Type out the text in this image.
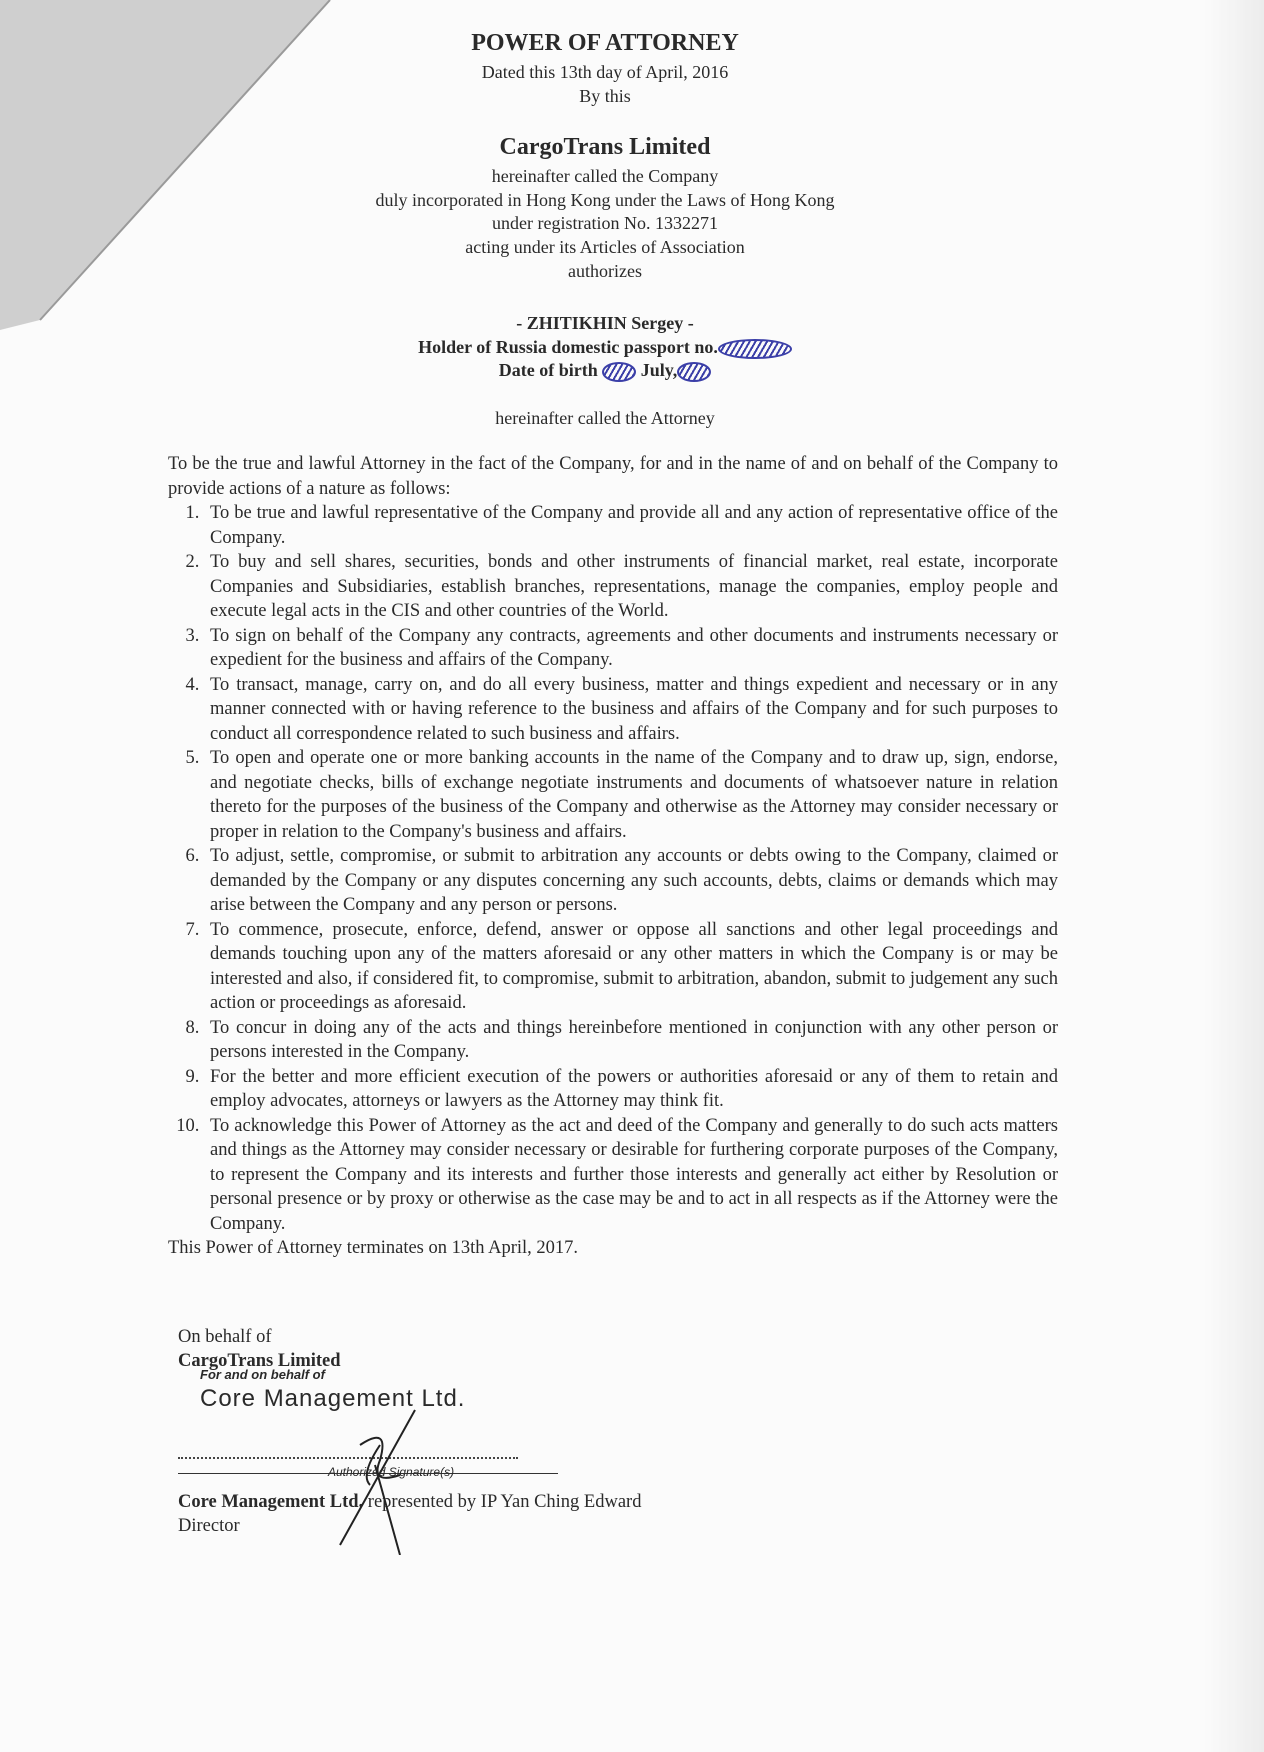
POWER OF ATTORNEY
Dated this 13th day of April, 2016
By this
CargoTrans Limited
hereinafter called the Company
duly incorporated in Hong Kong under the Laws of Hong Kong
under registration No. 1332271
acting under its Articles of Association
authorizes
- ZHITIKHIN Sergey -
Holder of Russia domestic passport no.
Date of birth July,
hereinafter called the Attorney
To be the true and lawful Attorney in the fact of the Company, for and in the name of and on behalf of the Company to provide actions of a nature as follows:
1. To be true and lawful representative of the Company and provide all and any action of representative office of the Company.
2. To buy and sell shares, securities, bonds and other instruments of financial market, real estate, incorporate Companies and Subsidiaries, establish branches, representations, manage the companies, employ people and execute legal acts in the CIS and other countries of the World.
3. To sign on behalf of the Company any contracts, agreements and other documents and instruments necessary or expedient for the business and affairs of the Company.
4. To transact, manage, carry on, and do all every business, matter and things expedient and necessary or in any manner connected with or having reference to the business and affairs of the Company and for such purposes to conduct all correspondence related to such business and affairs.
5. To open and operate one or more banking accounts in the name of the Company and to draw up, sign, endorse, and negotiate checks, bills of exchange negotiate instruments and documents of whatsoever nature in relation thereto for the purposes of the business of the Company and otherwise as the Attorney may consider necessary or proper in relation to the Company's business and affairs.
6. To adjust, settle, compromise, or submit to arbitration any accounts or debts owing to the Company, claimed or demanded by the Company or any disputes concerning any such accounts, debts, claims or demands which may arise between the Company and any person or persons.
7. To commence, prosecute, enforce, defend, answer or oppose all sanctions and other legal proceedings and demands touching upon any of the matters aforesaid or any other matters in which the Company is or may be interested and also, if considered fit, to compromise, submit to arbitration, abandon, submit to judgement any such action or proceedings as aforesaid.
8. To concur in doing any of the acts and things hereinbefore mentioned in conjunction with any other person or persons interested in the Company.
9. For the better and more efficient execution of the powers or authorities aforesaid or any of them to retain and employ advocates, attorneys or lawyers as the Attorney may think fit.
10. To acknowledge this Power of Attorney as the act and deed of the Company and generally to do such acts matters and things as the Attorney may consider necessary or desirable for furthering corporate purposes of the Company, to represent the Company and its interests and further those interests and generally act either by Resolution or personal presence or by proxy or otherwise as the case may be and to act in all respects as if the Attorney were the Company.
This Power of Attorney terminates on 13th April, 2017.
On behalf of
CargoTrans Limited
For and on behalf of
Core Management Ltd.
Authorized Signature(s)
Core Management Ltd. represented by IP Yan Ching Edward
Director
